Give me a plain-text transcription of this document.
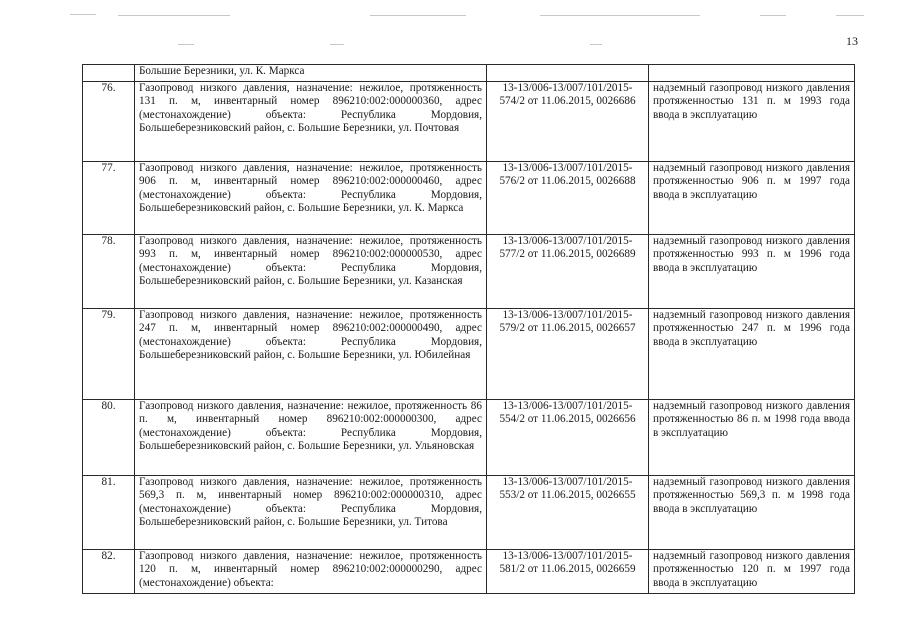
13
	Большие Березники, ул. К. Маркса		
76.	Газопровод низкого давления, назначение: нежилое, протяженность 131 п. м, инвентарный номер 896210:002:000000360, адрес (местонахождение) объекта: Республика Мордовия, Большеберезниковский район, с. Большие Березники, ул. Почтовая	13-13/006-13/007/101/2015-574/2 от 11.06.2015, 0026686	надземный газопровод низкого давления протяженностью 131 п. м 1993 года ввода в эксплуатацию
77.	Газопровод низкого давления, назначение: нежилое, протяженность 906 п. м, инвентарный номер 896210:002:000000460, адрес (местонахождение) объекта: Республика Мордовия, Большеберезниковский район, с. Большие Березники, ул. К. Маркса	13-13/006-13/007/101/2015-576/2 от 11.06.2015, 0026688	надземный газопровод низкого давления протяженностью 906 п. м 1997 года ввода в эксплуатацию
78.	Газопровод низкого давления, назначение: нежилое, протяженность 993 п. м, инвентарный номер 896210:002:000000530, адрес (местонахождение) объекта: Республика Мордовия, Большеберезниковский район, с. Большие Березники, ул. Казанская	13-13/006-13/007/101/2015-577/2 от 11.06.2015, 0026689	надземный газопровод низкого давления протяженностью 993 п. м 1996 года ввода в эксплуатацию
79.	Газопровод низкого давления, назначение: нежилое, протяженность 247 п. м, инвентарный номер 896210:002:000000490, адрес (местонахождение) объекта: Республика Мордовия, Большеберезниковский район, с. Большие Березники, ул. Юбилейная	13-13/006-13/007/101/2015-579/2 от 11.06.2015, 0026657	надземный газопровод низкого давления протяженностью 247 п. м 1996 года ввода в эксплуатацию
80.	Газопровод низкого давления, назначение: нежилое, протяженность 86 п. м, инвентарный номер 896210:002:000000300, адрес (местонахождение) объекта: Республика Мордовия, Большеберезниковский район, с. Большие Березники, ул. Ульяновская	13-13/006-13/007/101/2015-554/2 от 11.06.2015, 0026656	надземный газопровод низкого давления протяженностью 86 п. м 1998 года ввода в эксплуатацию
81.	Газопровод низкого давления, назначение: нежилое, протяженность 569,3 п. м, инвентарный номер 896210:002:000000310, адрес (местонахождение) объекта: Республика Мордовия, Большеберезниковский район, с. Большие Березники, ул. Титова	13-13/006-13/007/101/2015-553/2 от 11.06.2015, 0026655	надземный газопровод низкого давления протяженностью 569,3 п. м 1998 года ввода в эксплуатацию
82.	Газопровод низкого давления, назначение: нежилое, протяженность 120 п. м, инвентарный номер 896210:002:000000290, адрес (местонахождение) объекта:	13-13/006-13/007/101/2015-581/2 от 11.06.2015, 0026659	надземный газопровод низкого давления протяженностью 120 п. м 1997 года ввода в эксплуатацию
